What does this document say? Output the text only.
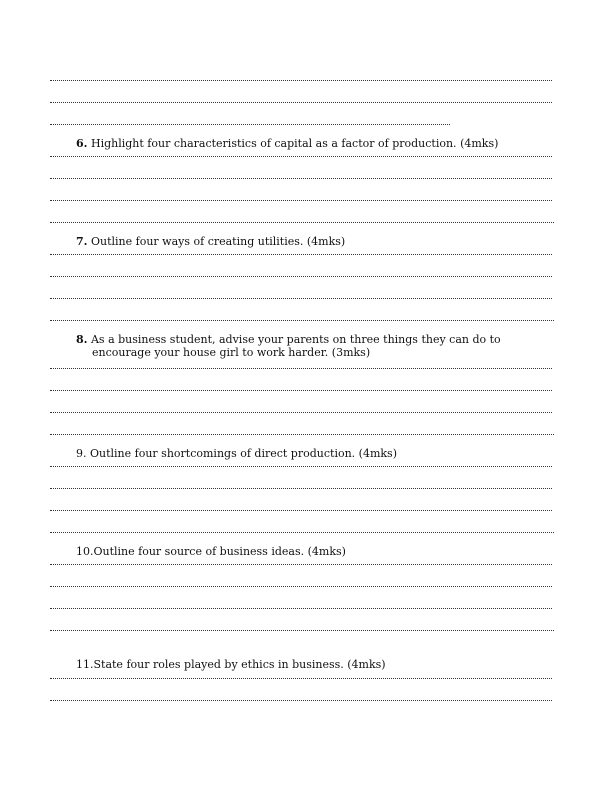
6. Highlight four characteristics of capital as a factor of production. (4mks)
7. Outline four ways of creating utilities. (4mks)
8. As a business student, advise your parents on three things they can do to
encourage your house girl to work harder. (3mks)
9. Outline four shortcomings of direct production. (4mks)
10.Outline four source of business ideas. (4mks)
11.State four roles played by ethics in business. (4mks)
